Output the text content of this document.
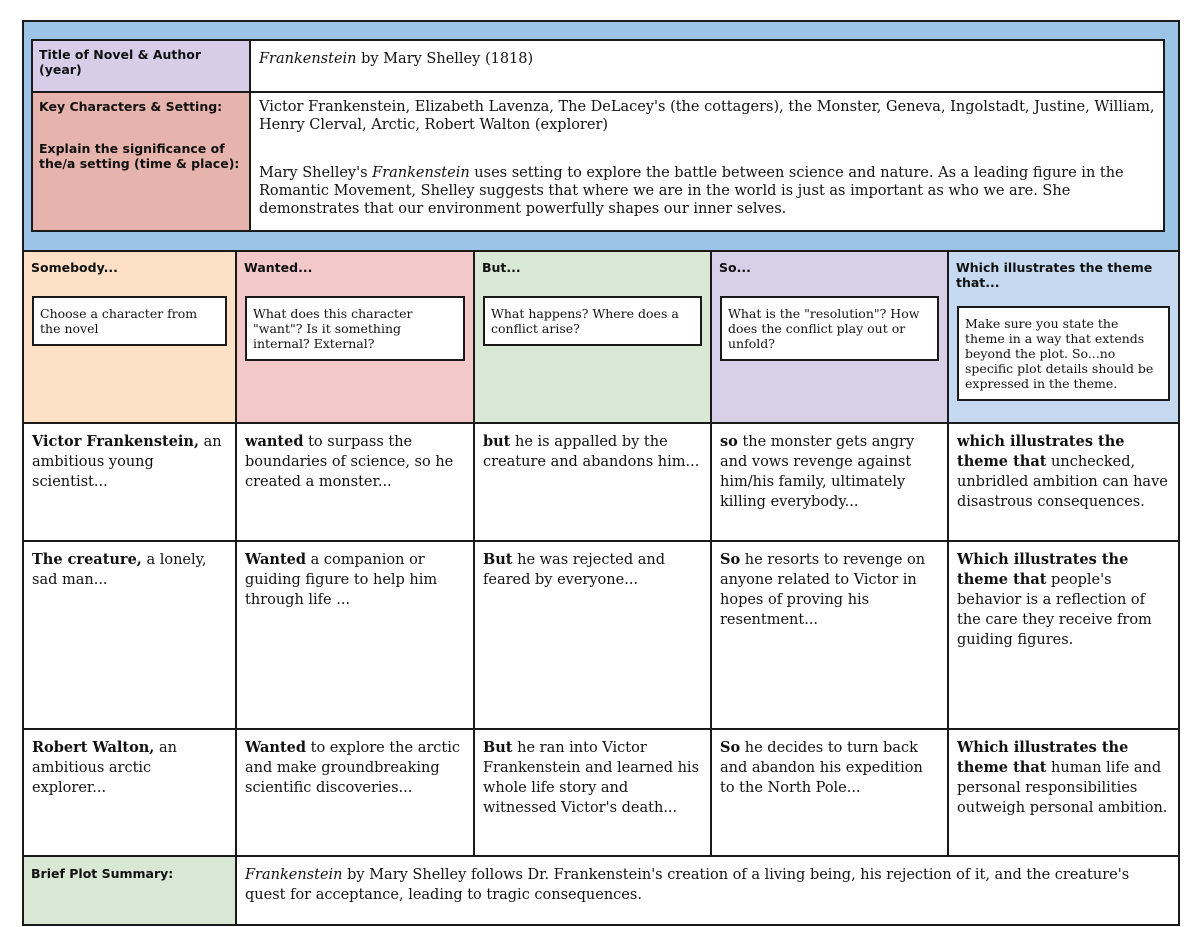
Title of Novel & Author (year)
Frankenstein by Mary Shelley (1818)
Key Characters & Setting:
Explain the significance of the/a setting (time & place):
Victor Frankenstein, Elizabeth Lavenza, The DeLacey's (the cottagers), the Monster, Geneva, Ingolstadt, Justine, William, Henry Clerval, Arctic, Robert Walton (explorer)
Mary Shelley's Frankenstein uses setting to explore the battle between science and nature. As a leading figure in the Romantic Movement, Shelley suggests that where we are in the world is just as important as who we are. She demonstrates that our environment powerfully shapes our inner selves.
Somebody...
Choose a character from the novel
Wanted...
What does this character "want"? Is it something internal? External?
But...
What happens? Where does a conflict arise?
So...
What is the "resolution"? How does the conflict play out or unfold?
Which illustrates the theme that...
Make sure you state the theme in a way that extends beyond the plot. So...no specific plot details should be expressed in the theme.
Victor Frankenstein, an ambitious young scientist...
wanted to surpass the boundaries of science, so he created a monster...
but he is appalled by the creature and abandons him...
so the monster gets angry and vows revenge against him/his family, ultimately killing everybody...
which illustrates the theme that unchecked, unbridled ambition can have disastrous consequences.
The creature, a lonely, sad man...
Wanted a companion or guiding figure to help him through life ...
But he was rejected and feared by everyone...
So he resorts to revenge on anyone related to Victor in hopes of proving his resentment...
Which illustrates the theme that people's behavior is a reflection of the care they receive from guiding figures.
Robert Walton, an ambitious arctic explorer...
Wanted to explore the arctic and make groundbreaking scientific discoveries...
But he ran into Victor Frankenstein and learned his whole life story and witnessed Victor's death...
So he decides to turn back and abandon his expedition to the North Pole...
Which illustrates the theme that human life and personal responsibilities outweigh personal ambition.
Brief Plot Summary:	Frankenstein by Mary Shelley follows Dr. Frankenstein's creation of a living being, his rejection of it, and the creature's quest for acceptance, leading to tragic consequences.
